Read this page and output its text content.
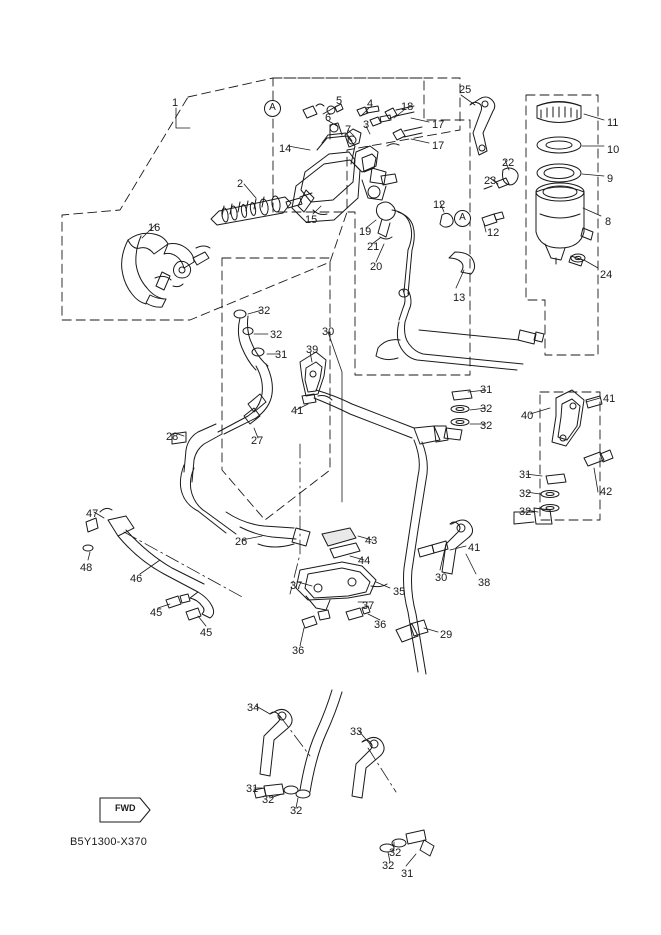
B5Y1300-X370
FWD
1	5 4	18
25
11
6
7 3	17
17	10
14
22
9
23
2
15
12
12
8
16	19
21
24
20
13
32
32	30
31 39
31
41
32
41	40
32
27
28
31
32	42
32
47
43
41
44
48
26
30	38
46
37	35
37
45
45
36
29
36
34
33
31
32
32
32
32
31
A
A
